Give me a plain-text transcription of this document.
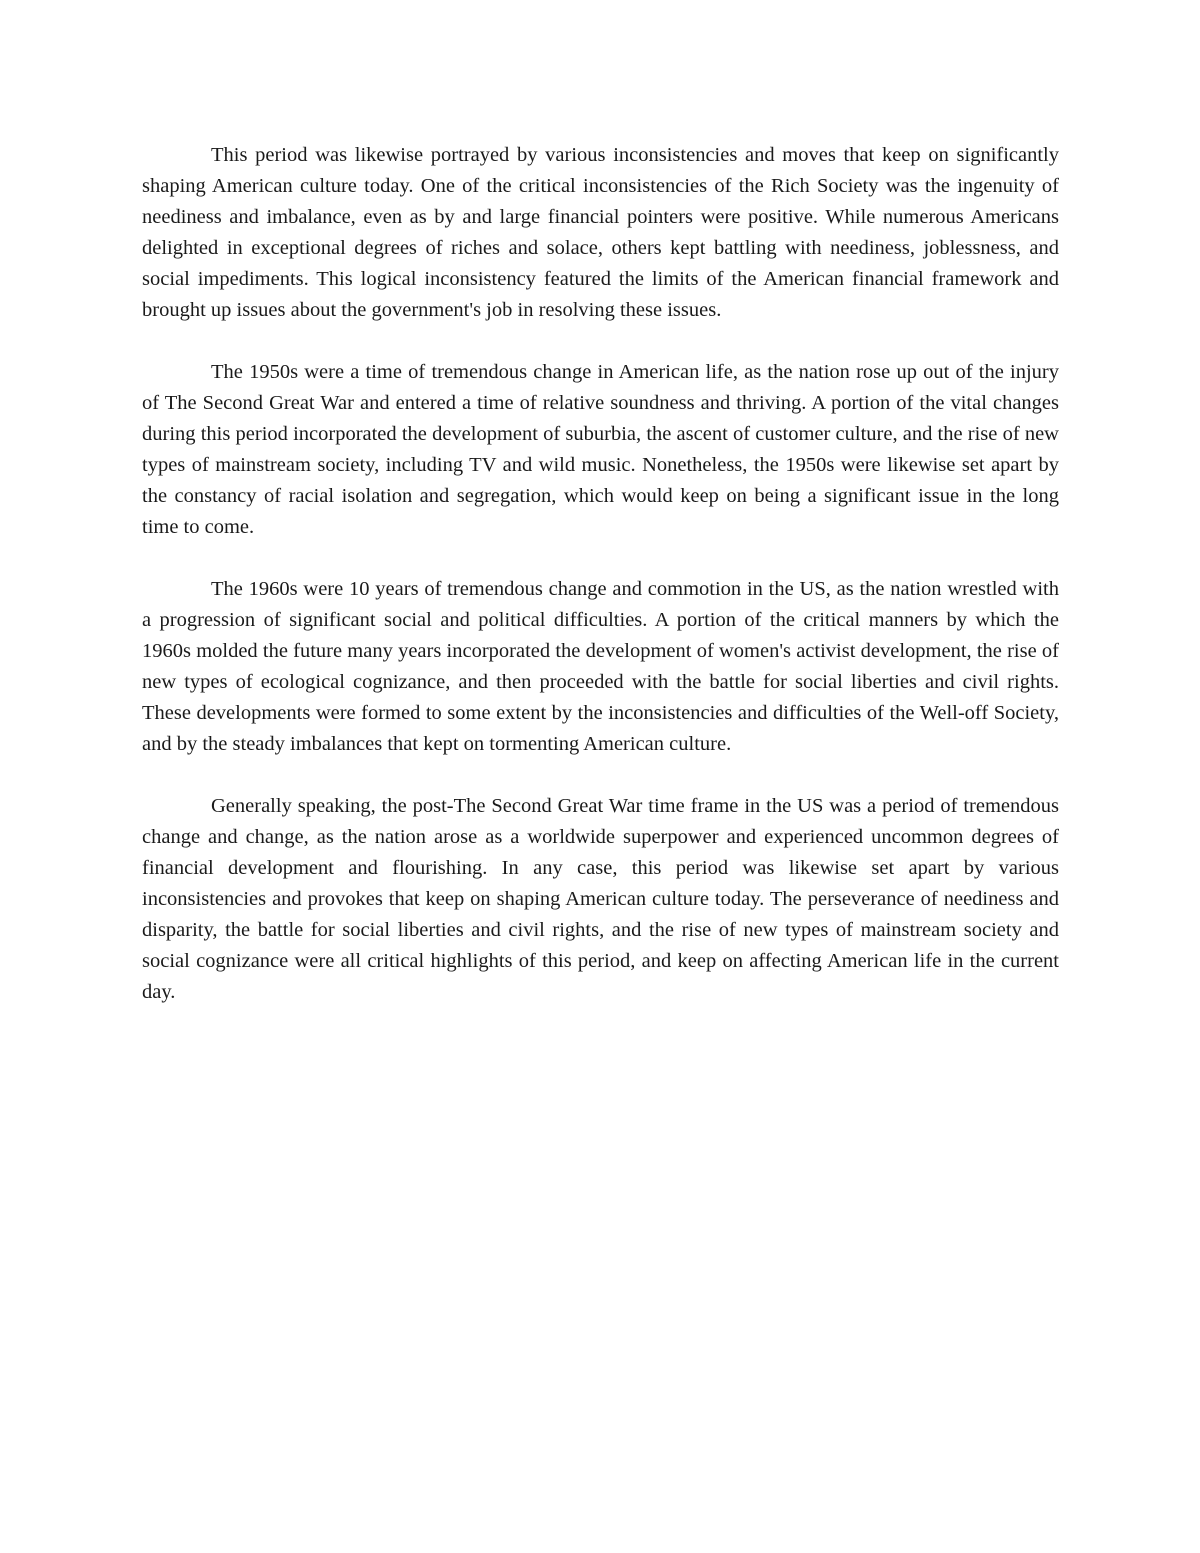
This period was likewise portrayed by various inconsistencies and moves that keep on significantly shaping American culture today. One of the critical inconsistencies of the Rich Society was the ingenuity of neediness and imbalance, even as by and large financial pointers were positive. While numerous Americans delighted in exceptional degrees of riches and solace, others kept battling with neediness, joblessness, and social impediments. This logical inconsistency featured the limits of the American financial framework and brought up issues about the government's job in resolving these issues.

The 1950s were a time of tremendous change in American life, as the nation rose up out of the injury of The Second Great War and entered a time of relative soundness and thriving. A portion of the vital changes during this period incorporated the development of suburbia, the ascent of customer culture, and the rise of new types of mainstream society, including TV and wild music. Nonetheless, the 1950s were likewise set apart by the constancy of racial isolation and segregation, which would keep on being a significant issue in the long time to come.

The 1960s were 10 years of tremendous change and commotion in the US, as the nation wrestled with a progression of significant social and political difficulties. A portion of the critical manners by which the 1960s molded the future many years incorporated the development of women's activist development, the rise of new types of ecological cognizance, and then proceeded with the battle for social liberties and civil rights. These developments were formed to some extent by the inconsistencies and difficulties of the Well-off Society, and by the steady imbalances that kept on tormenting American culture.

Generally speaking, the post-The Second Great War time frame in the US was a period of tremendous change and change, as the nation arose as a worldwide superpower and experienced uncommon degrees of financial development and flourishing. In any case, this period was likewise set apart by various inconsistencies and provokes that keep on shaping American culture today. The perseverance of neediness and disparity, the battle for social liberties and civil rights, and the rise of new types of mainstream society and social cognizance were all critical highlights of this period, and keep on affecting American life in the current day.
